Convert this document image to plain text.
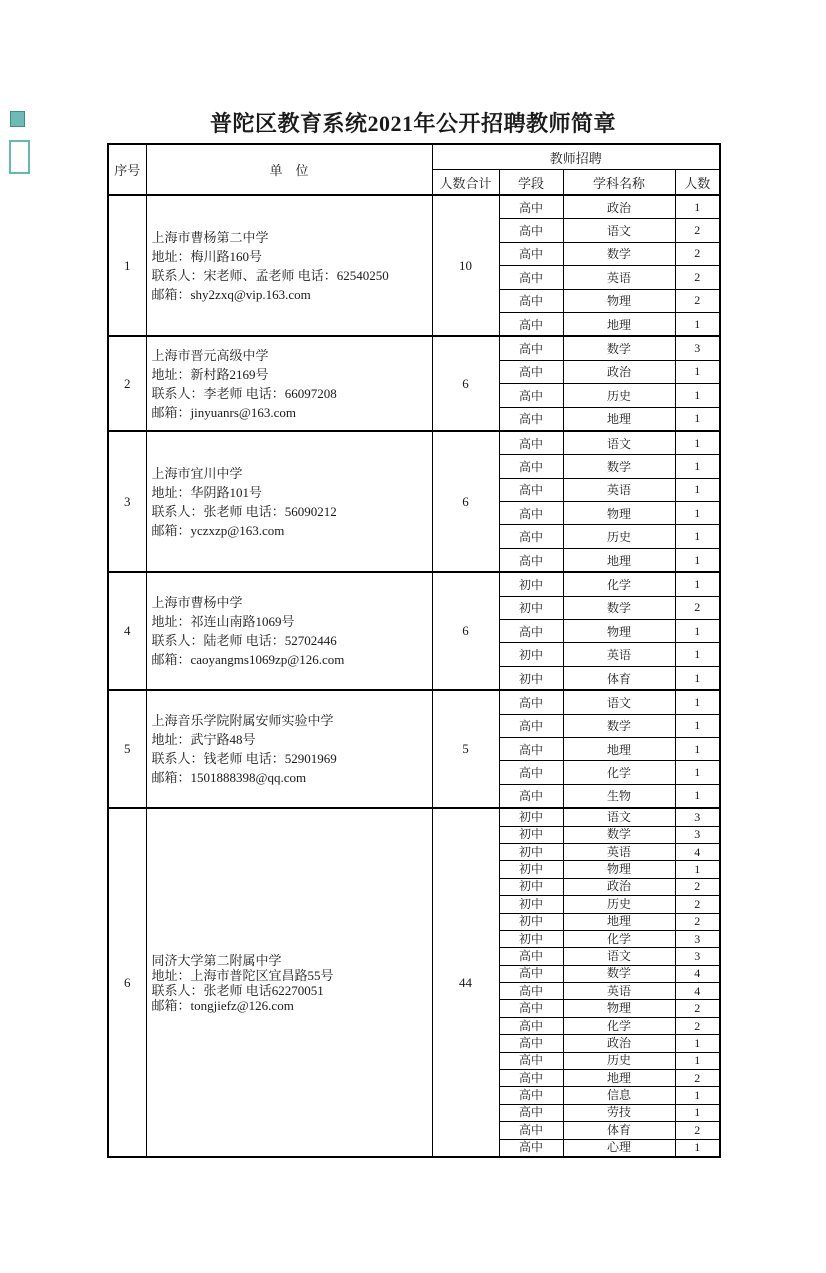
普陀区教育系统2021年公开招聘教师简章
序号	单　位	教师招聘			
		人数合计	学段	学科名称	人数
1	上海市曹杨第二中学
地址：梅川路160号
联系人：宋老师、孟老师 电话：62540250
邮箱：shy2zxq@vip.163.com	10	高中	政治	1
			高中	语文	2
			高中	数学	2
			高中	英语	2
			高中	物理	2
			高中	地理	1
2	上海市晋元高级中学
地址：新村路2169号
联系人：李老师 电话：66097208
邮箱：jinyuanrs@163.com	6	高中	数学	3
			高中	政治	1
			高中	历史	1
			高中	地理	1
3	上海市宜川中学
地址：华阴路101号
联系人：张老师 电话：56090212
邮箱：yczxzp@163.com	6	高中	语文	1
			高中	数学	1
			高中	英语	1
			高中	物理	1
			高中	历史	1
			高中	地理	1
4	上海市曹杨中学
地址：祁连山南路1069号
联系人：陆老师 电话：52702446
邮箱：caoyangms1069zp@126.com	6	初中	化学	1
			初中	数学	2
			高中	物理	1
			初中	英语	1
			初中	体育	1
5	上海音乐学院附属安师实验中学
地址：武宁路48号
联系人：钱老师 电话：52901969
邮箱：1501888398@qq.com	5	高中	语文	1
			高中	数学	1
			高中	地理	1
			高中	化学	1
			高中	生物	1
6	同济大学第二附属中学
地址：上海市普陀区宜昌路55号
联系人：张老师 电话62270051
邮箱：tongjiefz@126.com	44	初中	语文	3
			初中	数学	3
			初中	英语	4
			初中	物理	1
			初中	政治	2
			初中	历史	2
			初中	地理	2
			初中	化学	3
			高中	语文	3
			高中	数学	4
			高中	英语	4
			高中	物理	2
			高中	化学	2
			高中	政治	1
			高中	历史	1
			高中	地理	2
			高中	信息	1
			高中	劳技	1
			高中	体育	2
			高中	心理	1
